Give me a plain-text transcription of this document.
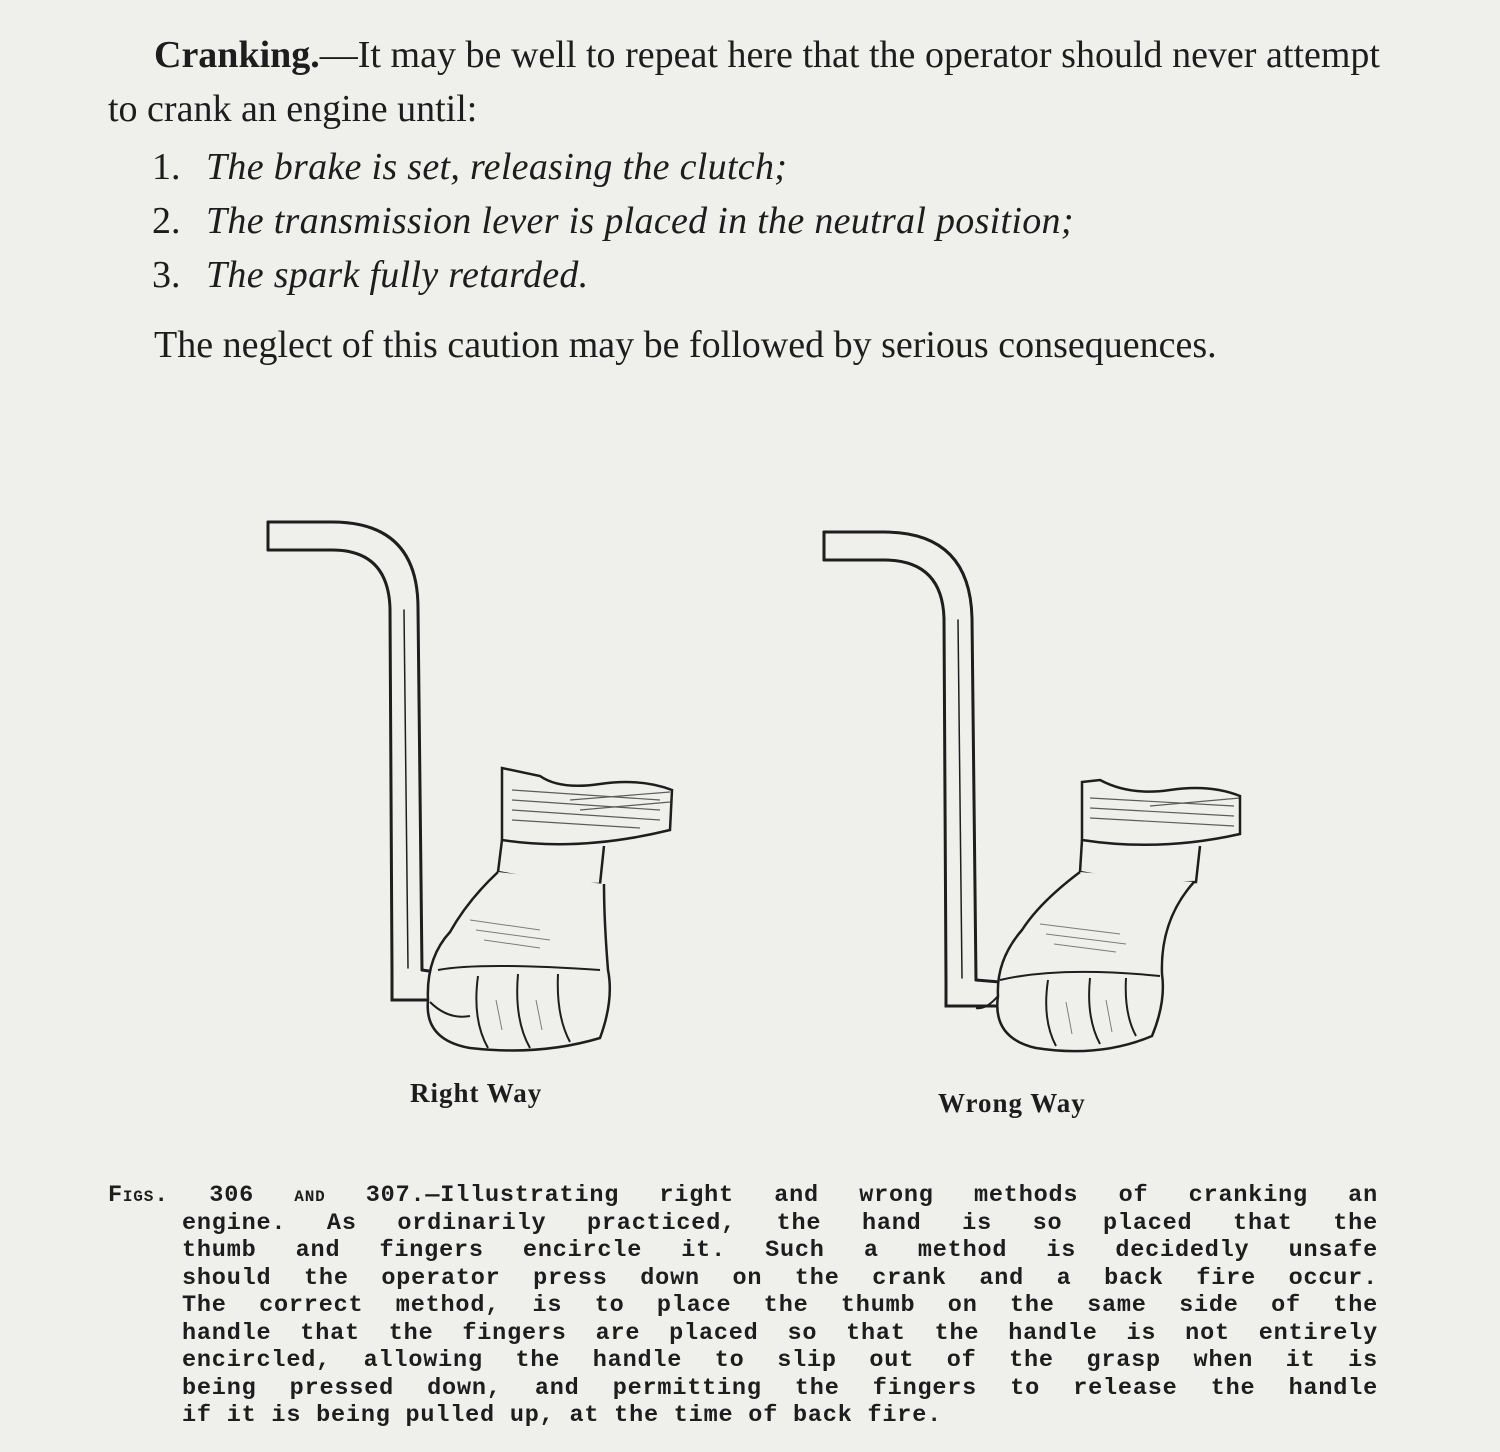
Cranking.—It may be well to repeat here that the operator should never attempt to crank an engine until:

1. The brake is set, releasing the clutch;
2. The transmission lever is placed in the neutral position;
3. The spark fully retarded.

The neglect of this caution may be followed by serious consequences.

Right Way	Wrong Way
Figs. 306 and 307.—Illustrating right and wrong methods of cranking an
engine. As ordinarily practiced, the hand is so placed that the
thumb and fingers encircle it. Such a method is decidedly unsafe
should the operator press down on the crank and a back fire occur.
The correct method, is to place the thumb on the same side of the
handle that the fingers are placed so that the handle is not entirely
encircled, allowing the handle to slip out of the grasp when it is
being pressed down, and permitting the fingers to release the handle
if it is being pulled up, at the time of back fire.
